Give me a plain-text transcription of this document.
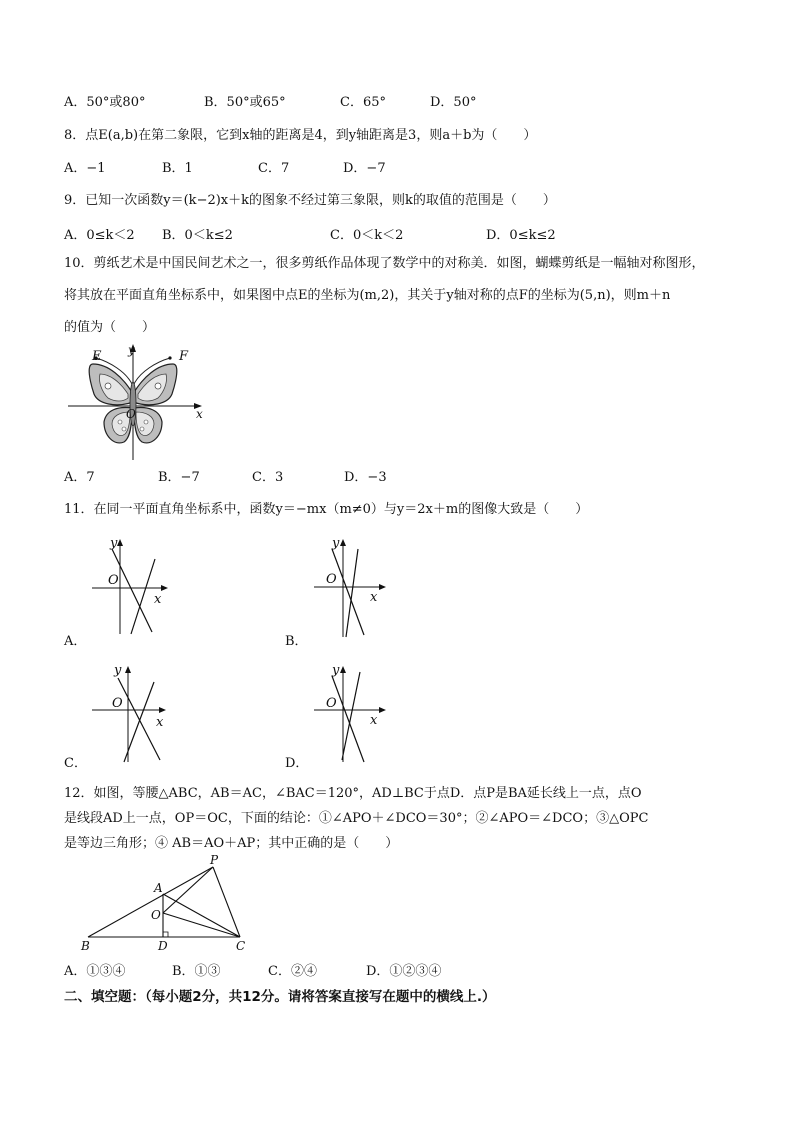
A．50°或80°	B．50°或65°	C．65°	D．50°
8．点E(a,b)在第二象限，它到x轴的距离是4，到y轴距离是3，则a＋b为（　　）
A．−1	B．1	C．7	D．−7
9．已知一次函数y＝(k−2)x＋k的图象不经过第三象限，则k的取值的范围是（　　）
A．0≤k＜2 B．0＜k≤2	C．0＜k＜2	D．0≤k≤2
10．剪纸艺术是中国民间艺术之一，很多剪纸作品体现了数学中的对称美．如图，蝴蝶剪纸是一幅轴对称图形，
将其放在平面直角坐标系中，如果图中点E的坐标为(m,2)，其关于y轴对称的点F的坐标为(5,n)，则m＋n
的值为（　　）
E	F
y
x
O
A．7	B．−7	C．3	D．−3
11．在同一平面直角坐标系中，函数y＝−mx（m≠0）与y＝2x＋m的图像大致是（　　）
y
x
O
A．
y
x
O
B．
y
x
O
C．
y
x
O
D．
12．如图，等腰△ABC，AB＝AC，∠BAC＝120°，AD⊥BC于点D．点P是BA延长线上一点，点O
是线段AD上一点，OP＝OC，下面的结论：①∠APO＋∠DCO＝30°；②∠APO＝∠DCO；③△OPC
是等边三角形；④ AB＝AO＋AP；其中正确的是（　　）
P
A
O
B	D	C
A．①③④	B．①③	C．②④	D．①②③④
二、填空题：（每小题2分，共12分。请将答案直接写在题中的横线上.）
